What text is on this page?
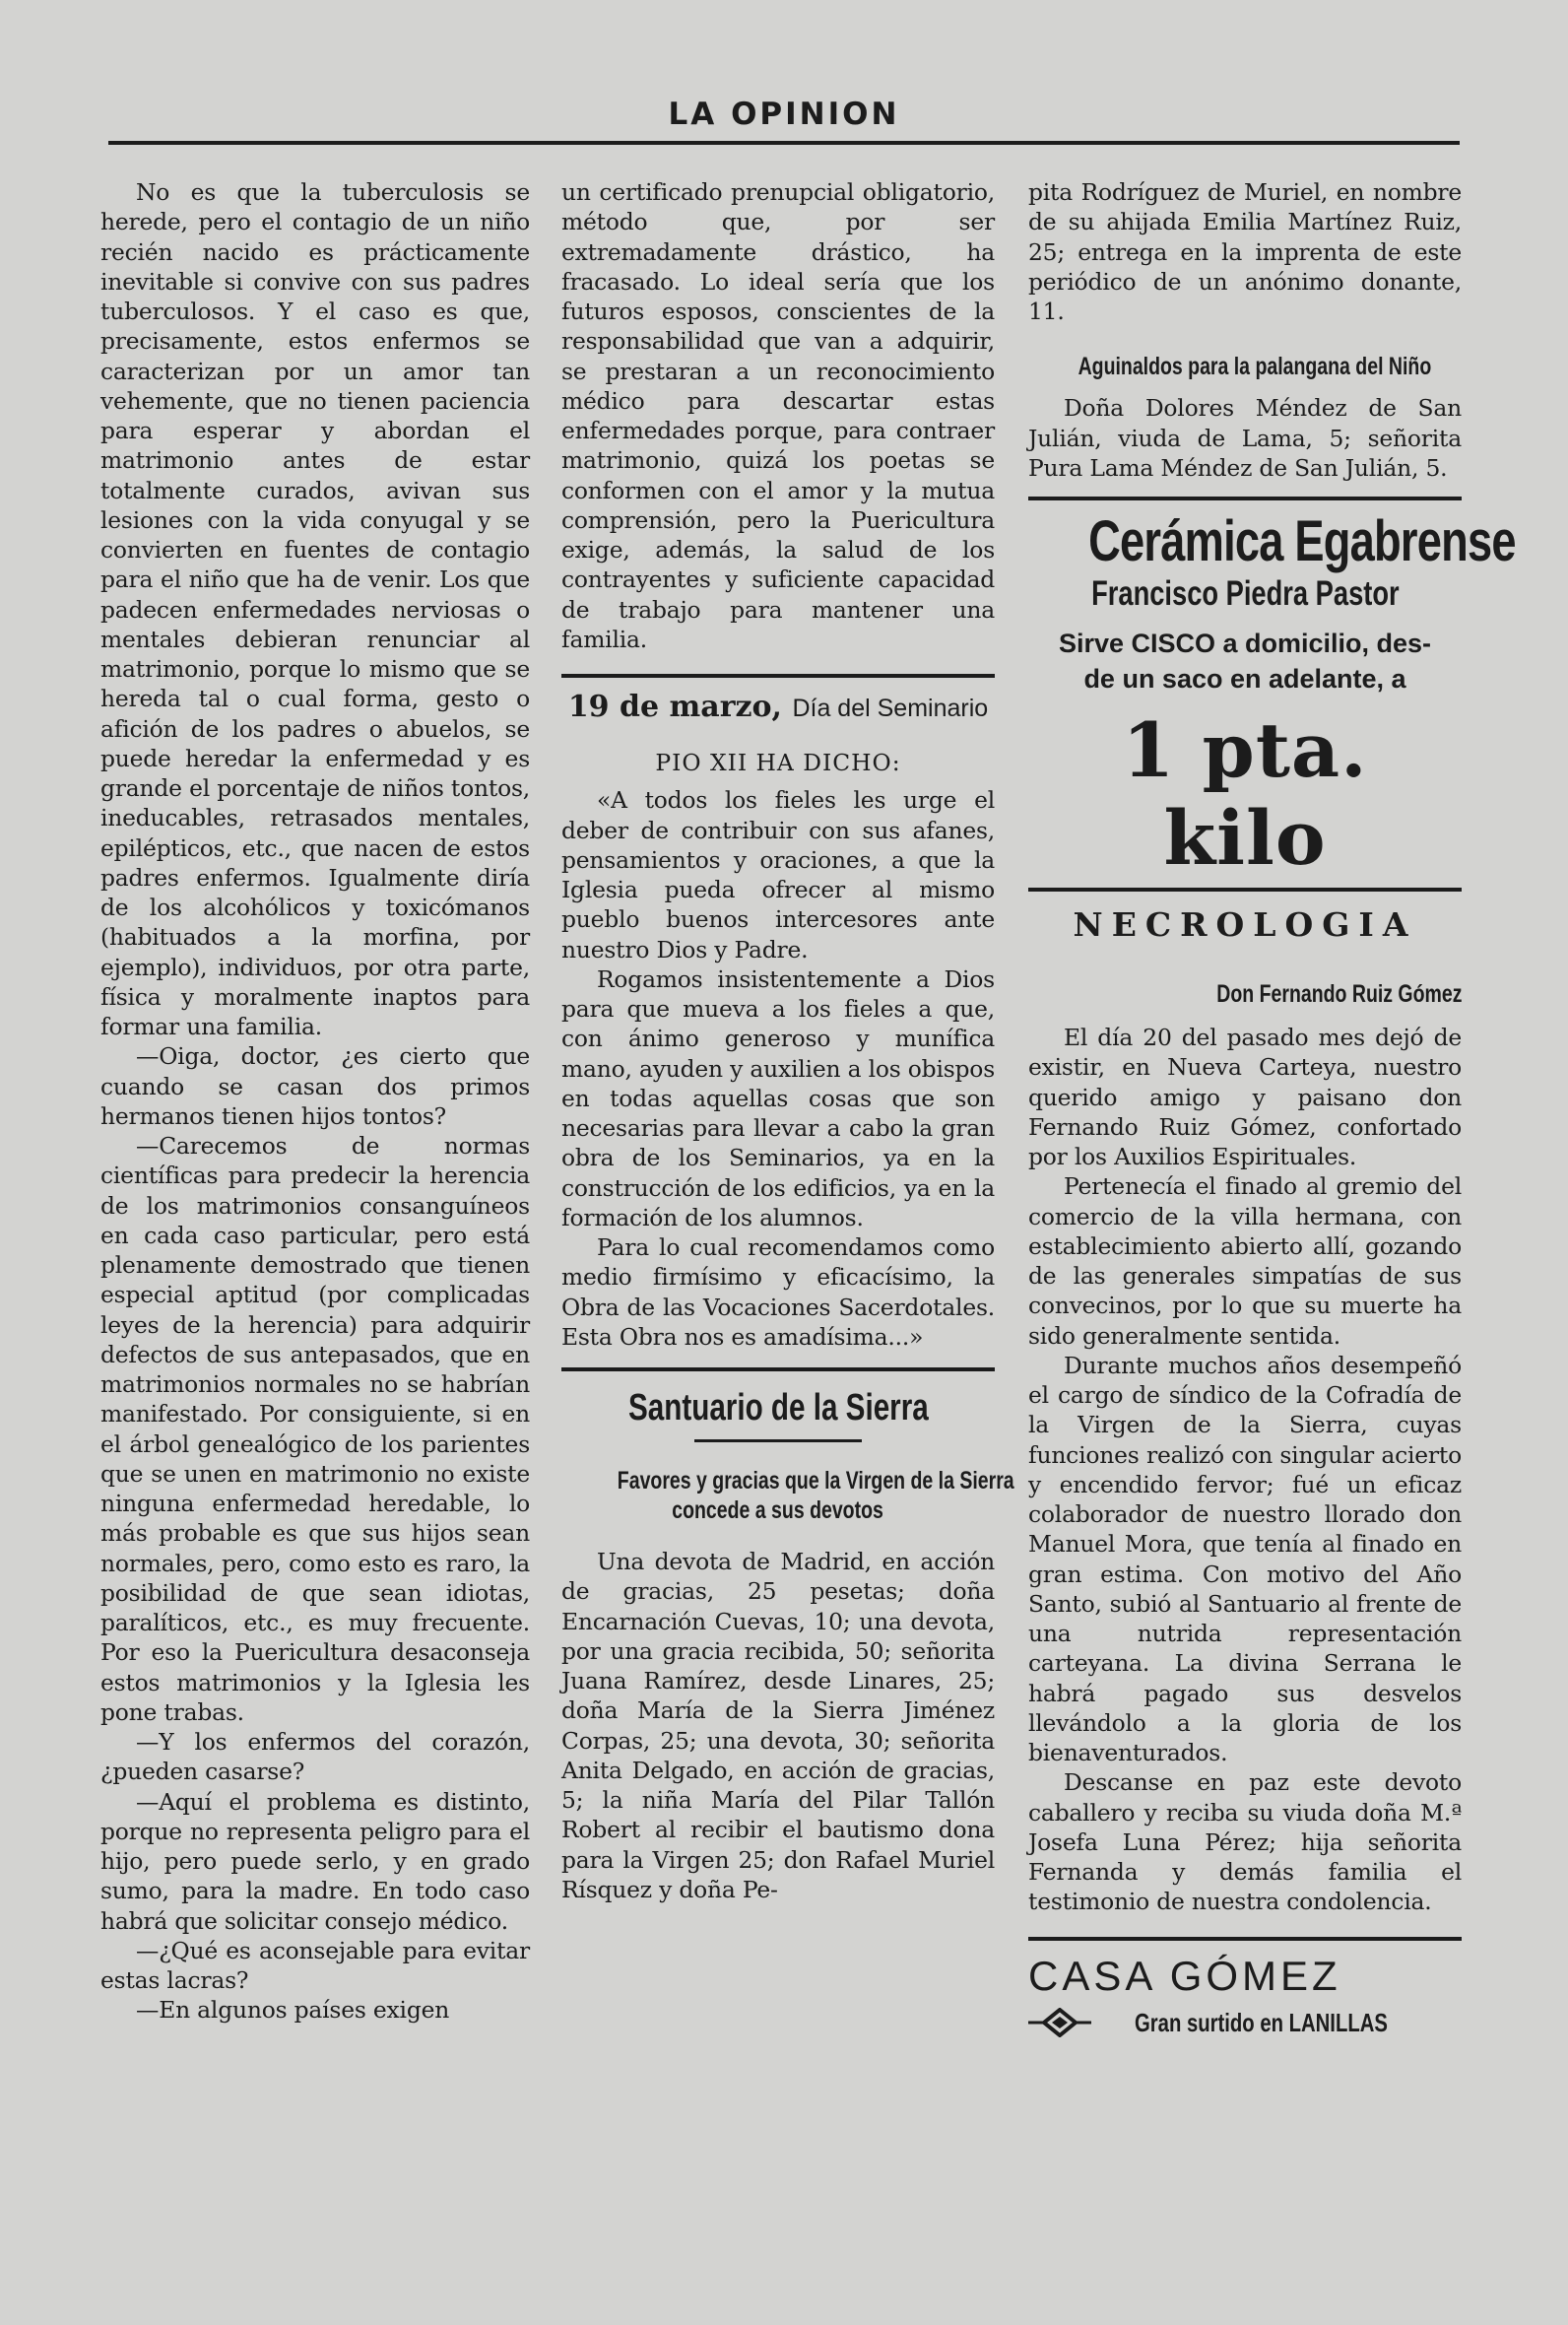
LA OPINION

No es que la tuberculosis se herede, pero el contagio de un niño recién nacido es prácticamente inevitable si convive con sus padres tuberculosos. Y el caso es que, precisamente, estos enfermos se caracterizan por un amor tan vehemente, que no tienen paciencia para esperar y abordan el matrimonio antes de estar totalmente curados, avivan sus lesiones con la vida conyugal y se convierten en fuentes de contagio para el niño que ha de venir. Los que padecen enfermedades nerviosas o mentales debieran renunciar al matrimonio, porque lo mismo que se hereda tal o cual forma, gesto o afición de los padres o abuelos, se puede heredar la enfermedad y es grande el porcentaje de niños tontos, ineducables, retrasados mentales, epilépticos, etc., que nacen de estos padres enfermos. Igualmente diría de los alcohólicos y toxicómanos (habituados a la morfina, por ejemplo), individuos, por otra parte, física y moralmente inaptos para formar una familia.

—Oiga, doctor, ¿es cierto que cuando se casan dos primos hermanos tienen hijos tontos?

—Carecemos de normas científicas para predecir la herencia de los matrimonios consanguíneos en cada caso particular, pero está plenamente demostrado que tienen especial aptitud (por complicadas leyes de la herencia) para adquirir defectos de sus antepasados, que en matrimonios normales no se habrían manifestado. Por consiguiente, si en el árbol genealógico de los parientes que se unen en matrimonio no existe ninguna enfermedad heredable, lo más probable es que sus hijos sean normales, pero, como esto es raro, la posibilidad de que sean idiotas, paralíticos, etc., es muy frecuente. Por eso la Puericultura desaconseja estos matrimonios y la Iglesia les pone trabas.

—Y los enfermos del corazón, ¿pueden casarse?

—Aquí el problema es distinto, porque no representa peligro para el hijo, pero puede serlo, y en grado sumo, para la madre. En todo caso habrá que solicitar consejo médico.

—¿Qué es aconsejable para evitar estas lacras?

—En algunos países exigen

un certificado prenupcial obligatorio, método que, por ser extremadamente drástico, ha fracasado. Lo ideal sería que los futuros esposos, conscientes de la responsabilidad que van a adquirir, se prestaran a un reconocimiento médico para descartar estas enfermedades porque, para contraer matrimonio, quizá los poetas se conformen con el amor y la mutua comprensión, pero la Puericultura exige, además, la salud de los contrayentes y suficiente capacidad de trabajo para mantener una familia.

19 de marzo, Día del Seminario

PIO XII HA DICHO:

«A todos los fieles les urge el deber de contribuir con sus afanes, pensamientos y oraciones, a que la Iglesia pueda ofrecer al mismo pueblo buenos intercesores ante nuestro Dios y Padre.

Rogamos insistentemente a Dios para que mueva a los fieles a que, con ánimo generoso y munífica mano, ayuden y auxilien a los obispos en todas aquellas cosas que son necesarias para llevar a cabo la gran obra de los Seminarios, ya en la construcción de los edificios, ya en la formación de los alumnos.

Para lo cual recomendamos como medio firmísimo y eficacísimo, la Obra de las Vocaciones Sacerdotales. Esta Obra nos es amadísima...»

Santuario de la Sierra
Favores y gracias que la Virgen de la Sierra
concede a sus devotos

Una devota de Madrid, en acción de gracias, 25 pesetas; doña Encarnación Cuevas, 10; una devota, por una gracia recibida, 50; señorita Juana Ramírez, desde Linares, 25; doña María de la Sierra Jiménez Corpas, 25; una devota, 30; señorita Anita Delgado, en acción de gracias, 5; la niña María del Pilar Tallón Robert al recibir el bautismo dona para la Virgen 25; don Rafael Muriel Rísquez y doña Pe-

pita Rodríguez de Muriel, en nombre de su ahijada Emilia Martínez Ruiz, 25; entrega en la imprenta de este periódico de un anónimo donante, 11.

Aguinaldos para la palangana del Niño

Doña Dolores Méndez de San Julián, viuda de Lama, 5; señorita Pura Lama Méndez de San Julián, 5.

Cerámica Egabrense
Francisco Piedra Pastor
Sirve CISCO a domicilio, des-
de un saco en adelante, a
1 pta. kilo
NECROLOGIA
Don Fernando Ruiz Gómez

El día 20 del pasado mes dejó de existir, en Nueva Carteya, nuestro querido amigo y paisano don Fernando Ruiz Gómez, confortado por los Auxilios Espirituales.

Pertenecía el finado al gremio del comercio de la villa hermana, con establecimiento abierto allí, gozando de las generales simpatías de sus convecinos, por lo que su muerte ha sido generalmente sentida.

Durante muchos años desempeñó el cargo de síndico de la Cofradía de la Virgen de la Sierra, cuyas funciones realizó con singular acierto y encendido fervor; fué un eficaz colaborador de nuestro llorado don Manuel Mora, que tenía al finado en gran estima. Con motivo del Año Santo, subió al Santuario al frente de una nutrida representación carteyana. La divina Serrana le habrá pagado sus desvelos llevándolo a la gloria de los bienaventurados.

Descanse en paz este devoto caballero y reciba su viuda doña M.ª Josefa Luna Pérez; hija señorita Fernanda y demás familia el testimonio de nuestra condolencia.

CASA GÓMEZ
Gran surtido en LANILLAS
